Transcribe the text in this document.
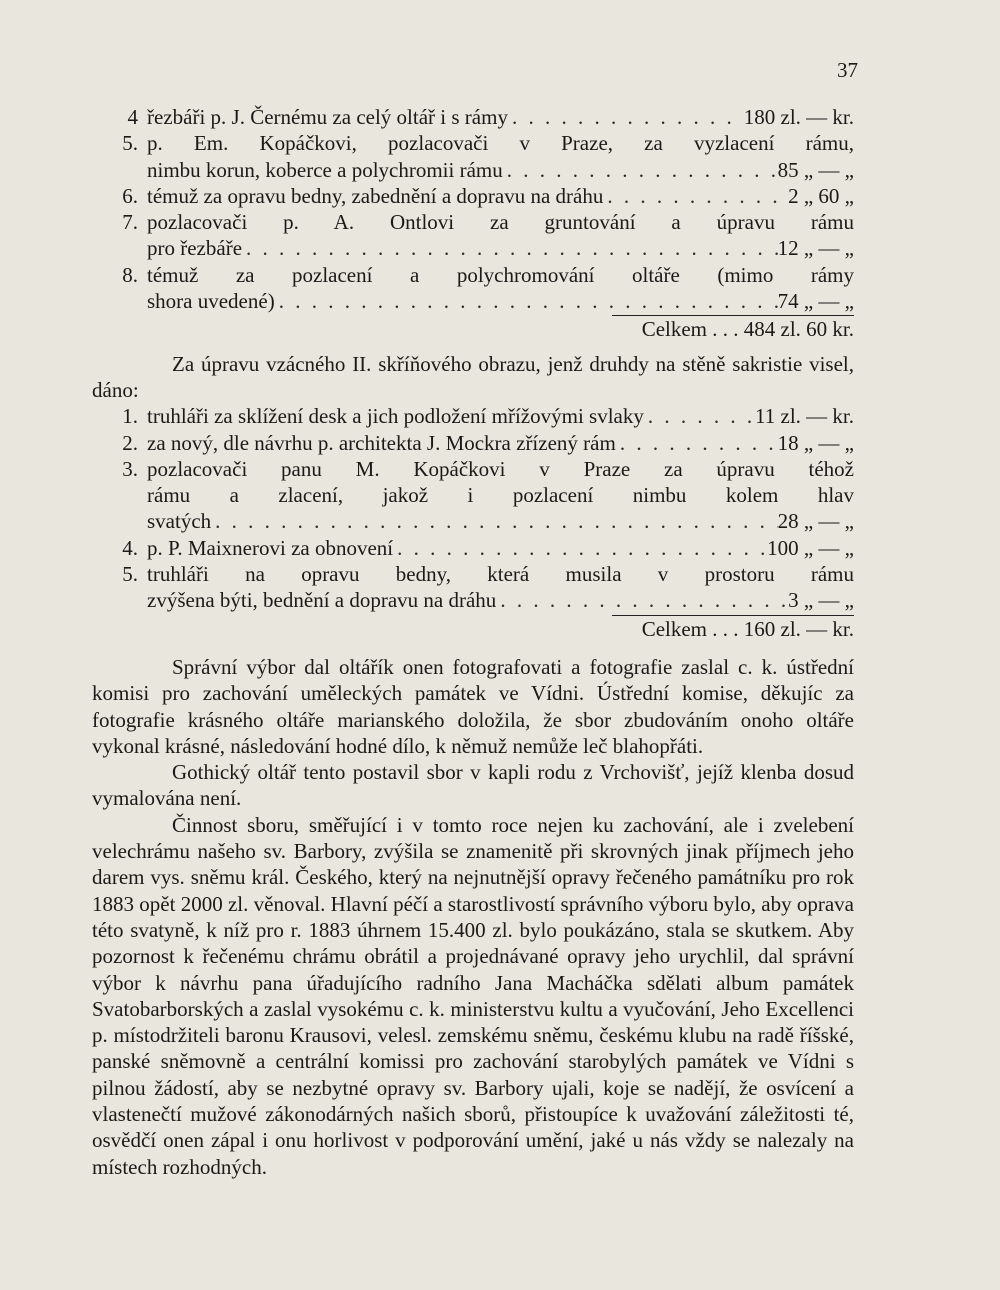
37
4 řezbáři p. J. Černému za celý oltář i s rámy . . .	180 zl. — kr.
5. p. Em. Kopáčkovi, pozlacovači v Praze, za vyzlacení rámu,
nimbu korun, koberce a polychromii rámu . . .	85 „ — „
6. témuž za opravu bedny, zabednění a dopravu na dráhu . . .	2 „ 60 „
7. pozlacovači p. A. Ontlovi za gruntování a úpravu rámu
pro řezbáře . . .	12 „ — „
8. témuž za pozlacení a polychromování oltáře (mimo rámy
shora uvedené) . . .	74 „ — „
Celkem . . . 484 zl. 60 kr.
Za úpravu vzácného II. skříňového obrazu, jenž druhdy na stěně sakristie visel, dáno:
1. truhláři za sklížení desk a jich podložení mřížovými svlaky . . .	11 zl. — kr.
2. za nový, dle návrhu p. architekta J. Mockra zřízený rám . . .	18 „ — „
3. pozlacovači panu M. Kopáčkovi v Praze za úpravu téhož
rámu a zlacení, jakož i pozlacení nimbu kolem hlav
svatých . . .	28 „ — „
4. p. P. Maixnerovi za obnovení . . .	100 „ — „
5. truhláři na opravu bedny, která musila v prostoru rámu
zvýšena býti, bednění a dopravu na dráhu . . .	3 „ — „
Celkem . . . 160 zl. — kr.
Správní výbor dal oltářík onen fotografovati a fotografie zaslal c. k. ústřední komisi pro zachování uměleckých památek ve Vídni. Ústřední komise, děkujíc za fotografie krásného oltáře marianského doložila, že sbor zbudováním onoho oltáře vykonal krásné, následování hodné dílo, k němuž nemůže leč blahopřáti.
Gothický oltář tento postavil sbor v kapli rodu z Vrchovišť, jejíž klenba dosud vymalována není.
Činnost sboru, směřující i v tomto roce nejen ku zachování, ale i zvelebení velechrámu našeho sv. Barbory, zvýšila se znamenitě při skrovných jinak příjmech jeho darem vys. sněmu král. Českého, který na nejnutnější opravy řečeného památníku pro rok 1883 opět 2000 zl. věnoval. Hlavní péčí a starostlivostí správního výboru bylo, aby oprava této svatyně, k níž pro r. 1883 úhrnem 15.400 zl. bylo poukázáno, stala se skutkem. Aby pozornost k řečenému chrámu obrátil a projednávané opravy jeho urychlil, dal správní výbor k návrhu pana úřadujícího radního Jana Macháčka sdělati album památek Svatobarborských a zaslal vysokému c. k. ministerstvu kultu a vyučování, Jeho Excellenci p. místodržiteli baronu Krausovi, velesl. zemskému sněmu, českému klubu na radě říšské, panské sněmovně a centrální komissi pro zachování starobylých památek ve Vídni s pilnou žádostí, aby se nezbytné opravy sv. Barbory ujali, koje se nadějí, že osvícení a vlastenečtí mužové zákonodárných našich sborů, přistoupíce k uvažování záležitosti té, osvědčí onen zápal i onu horlivost v podporování umění, jaké u nás vždy se nalezaly na místech rozhodných.
